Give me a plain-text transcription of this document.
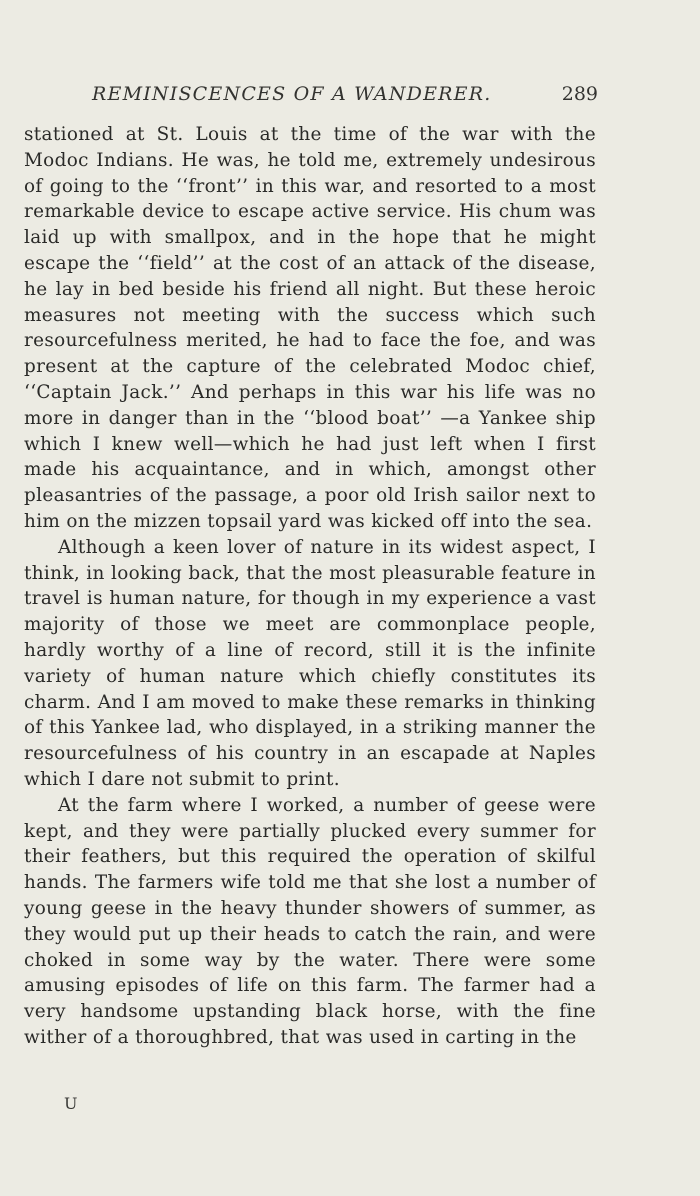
REMINISCENCES OF A WANDERER.	289

stationed at St. Louis at the time of the war with the Modoc Indians. He was, he told me, extremely undesirous of going to the ‘‘front’’ in this war, and resorted to a most remarkable device to escape active service. His chum was laid up with smallpox, and in the hope that he might escape the ‘‘field’’ at the cost of an attack of the disease, he lay in bed beside his friend all night. But these heroic measures not meeting with the success which such resourcefulness merited, he had to face the foe, and was present at the capture of the celebrated Modoc chief, ‘‘Captain Jack.’’ And perhaps in this war his life was no more in danger than in the ‘‘blood boat’’ —a Yankee ship which I knew well—which he had just left when I first made his acquaintance, and in which, amongst other pleasantries of the passage, a poor old Irish sailor next to him on the mizzen topsail yard was kicked off into the sea.

Although a keen lover of nature in its widest aspect, I think, in looking back, that the most pleasurable feature in travel is human nature, for though in my experience a vast majority of those we meet are commonplace people, hardly worthy of a line of record, still it is the infinite variety of human nature which chiefly constitutes its charm. And I am moved to make these remarks in thinking of this Yankee lad, who displayed, in a striking manner the resourcefulness of his country in an escapade at Naples which I dare not submit to print.

At the farm where I worked, a number of geese were kept, and they were partially plucked every summer for their feathers, but this required the operation of skilful hands. The farmers wife told me that she lost a number of young geese in the heavy thunder showers of summer, as they would put up their heads to catch the rain, and were choked in some way by the water. There were some amusing episodes of life on this farm. The farmer had a very handsome upstanding black horse, with the fine wither of a thoroughbred, that was used in carting in the

U
